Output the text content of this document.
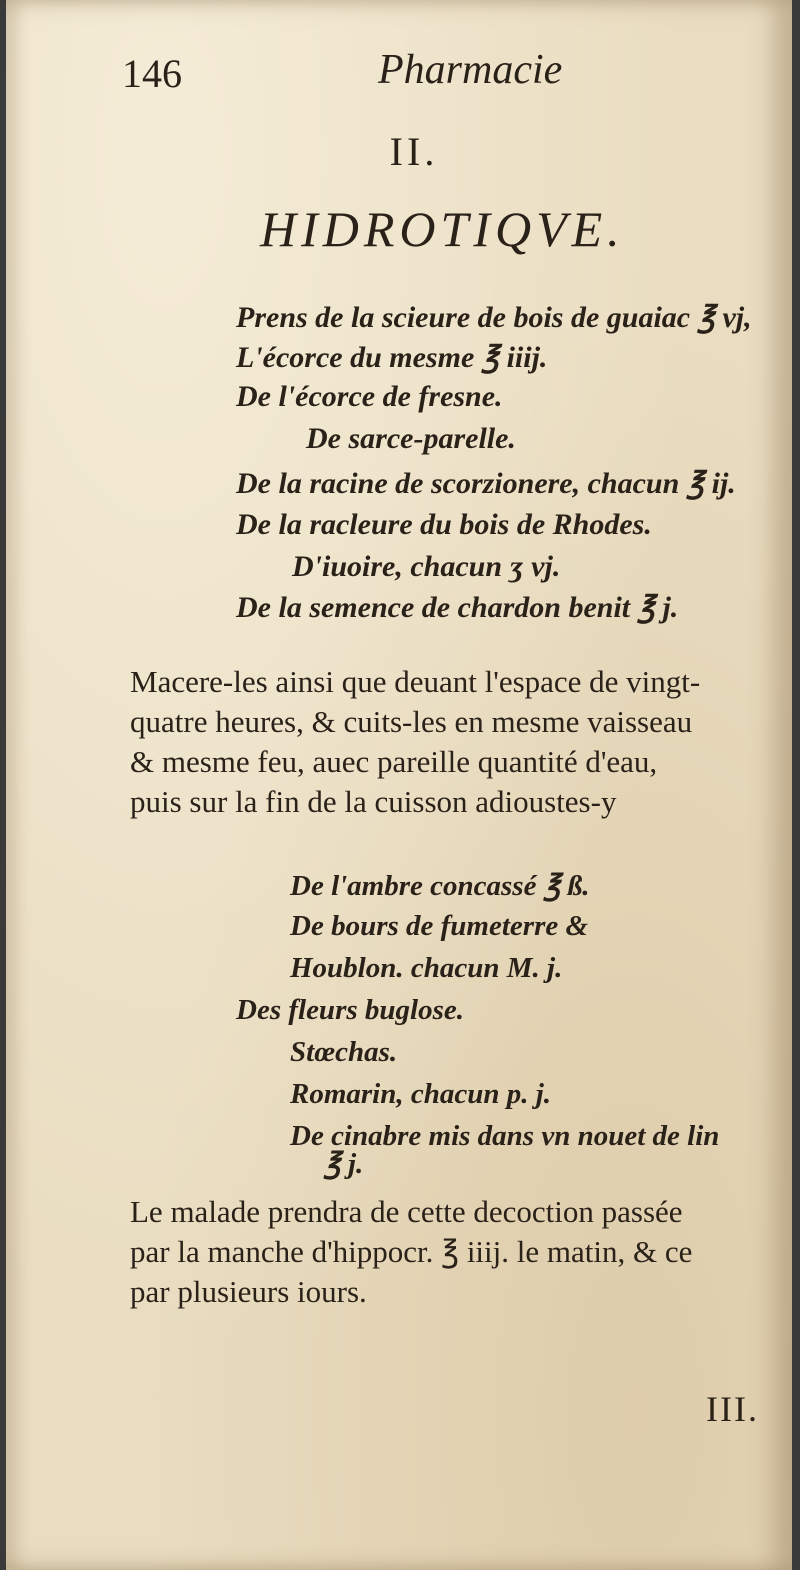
146	Pharmacie
II.
HIDROTIQVE.
Prens de la scieure de bois de guaiac ℥ vj,
L'écorce du mesme ℥ iiij.
De l'écorce de fresne.
De sarce-parelle.
De la racine de scorzionere, chacun ℥ ij.
De la racleure du bois de Rhodes.
D'iuoire, chacun ʒ vj.
De la semence de chardon benit ℥ j.

Macere-les ainsi que deuant l'espace de vingt-
quatre heures, & cuits-les en mesme vaisseau
& mesme feu, auec pareille quantité d'eau,
puis sur la fin de la cuisson adioustes-y

De l'ambre concassé ℥ ß.
De bours de fumeterre &
Houblon. chacun M. j.
Des fleurs buglose.
Stœchas.
Romarin, chacun p. j.
De cinabre mis dans vn nouet de lin
℥ j.

Le malade prendra de cette decoction passée
par la manche d'hippocr. ℥ iiij. le matin, & ce
par plusieurs iours.

III.
